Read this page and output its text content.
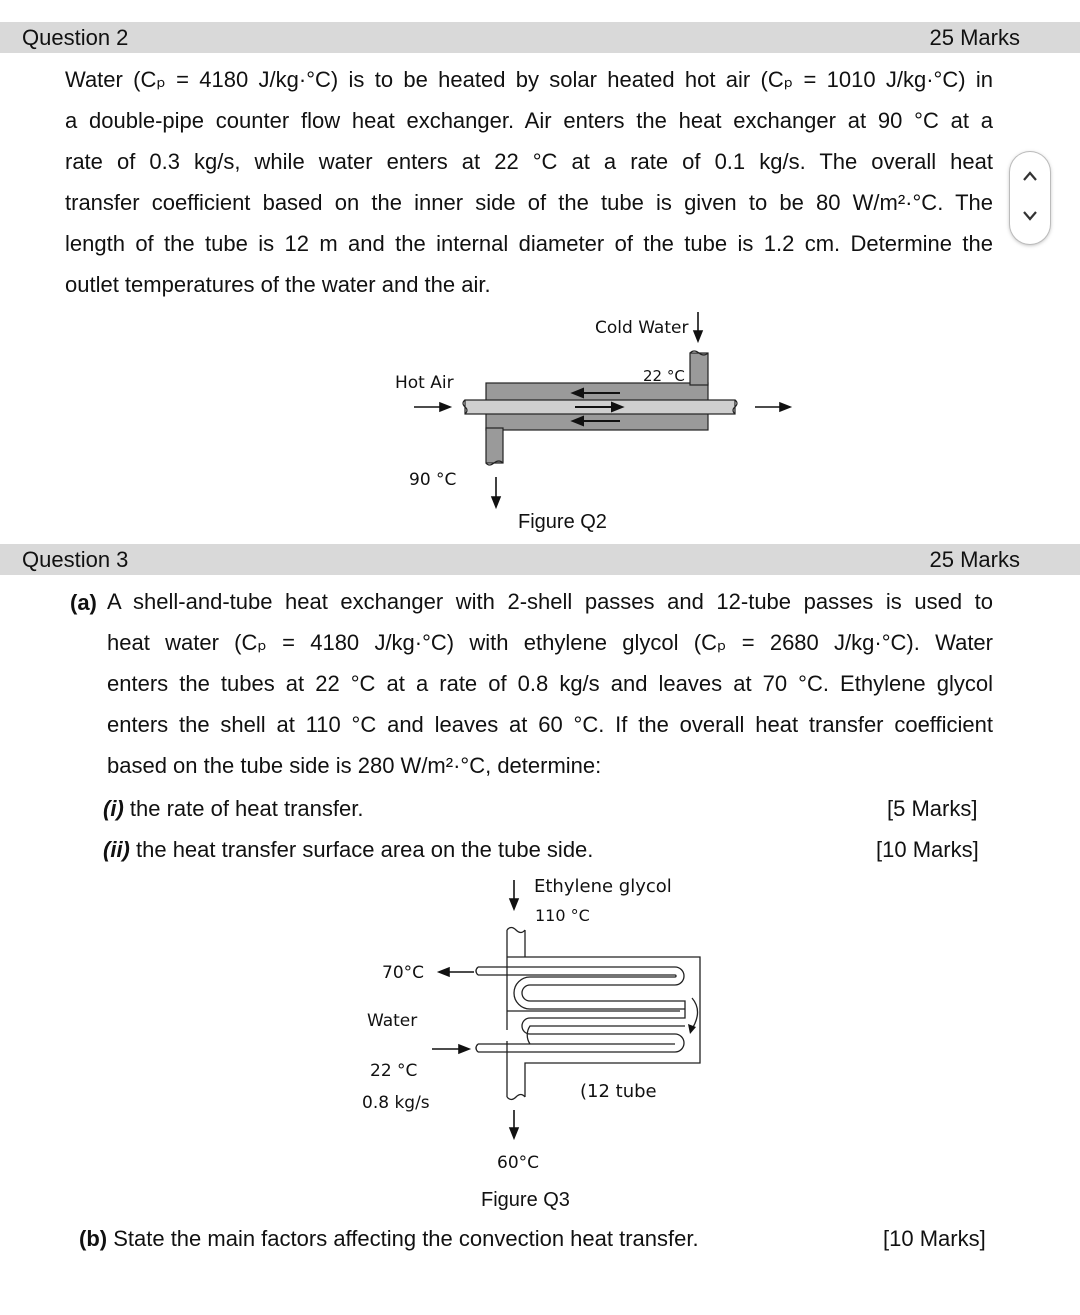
Question 2	25 Marks
Water (Cₚ = 4180 J/kg·°C) is to be heated by solar heated hot air (Cₚ = 1010 J/kg·°C) in
a double-pipe counter flow heat exchanger. Air enters the heat exchanger at 90 °C at a
rate of 0.3 kg/s, while water enters at 22 °C at a rate of 0.1 kg/s. The overall heat
transfer coefficient based on the inner side of the tube is given to be 80 W/m²·°C. The
length of the tube is 12 m and the internal diameter of the tube is 1.2 cm. Determine the
outlet temperatures of the water and the air.
Cold Water
22 °C
Hot Air
90 °C
Figure Q2
Question 3	25 Marks
(a) A shell-and-tube heat exchanger with 2-shell passes and 12-tube passes is used to
heat water (Cₚ = 4180 J/kg·°C) with ethylene glycol (Cₚ = 2680 J/kg·°C). Water
enters the tubes at 22 °C at a rate of 0.8 kg/s and leaves at 70 °C. Ethylene glycol
enters the shell at 110 °C and leaves at 60 °C. If the overall heat transfer coefficient
based on the tube side is 280 W/m²·°C, determine:
(i) the rate of heat transfer.	[5 Marks]
(ii) the heat transfer surface area on the tube side.	[10 Marks]
Ethylene glycol
110 °C
70°C
Water
22 °C
0.8 kg/s
(12 tube
60°C
Figure Q3
(b) State the main factors affecting the convection heat transfer.	[10 Marks]
